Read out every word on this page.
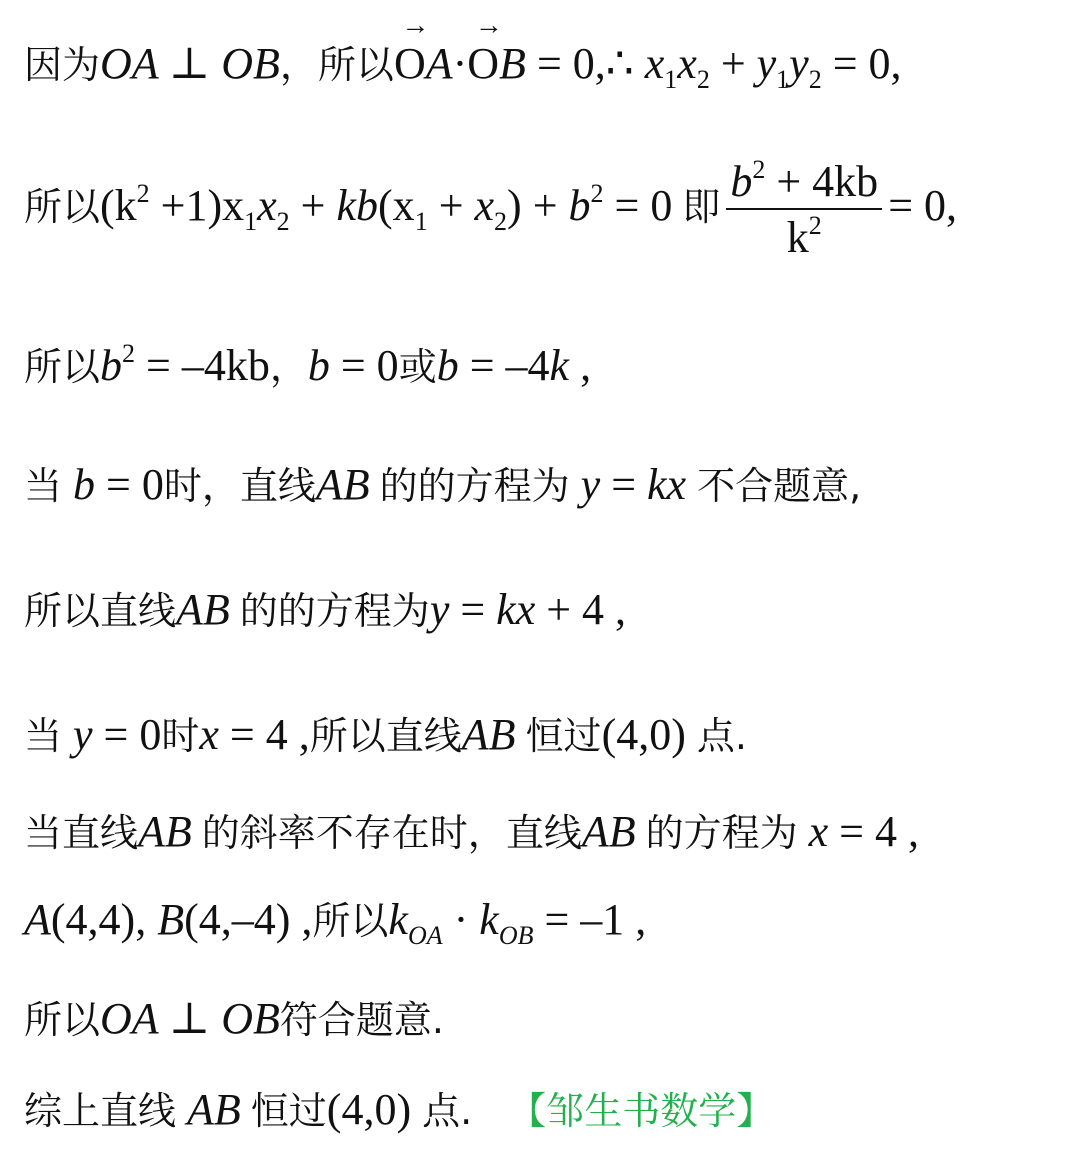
因为OA ⊥ OB，所以O
→
A·O
→
B = 0,∴ $x_1x_2 + y_1y_2 = 0$,
所以$(k^2 +1)x_1x_2 + kb(x_1 + x_2) + b^2 = 0$ 即 $\frac{b^2 + 4kb}{k^2} = 0$,
所以$b^2 = -4kb$，b = 0或b = –4k ,
当 b = 0时，直线AB 的的方程为 y = kx 不合题意,
所以直线AB 的的方程为y = kx + 4 ,
当 y = 0时x = 4 ,所以直线AB 恒过(4,0) 点.
当直线AB 的斜率不存在时，直线AB 的方程为 x = 4 ,
A(4,4), B(4,–4) ,所以$k_{OA} \cdot k_{OB} = -1$ ,
所以OA ⊥ OB符合题意.
综上直线 AB 恒过(4,0) 点. 【邹生书数学】
